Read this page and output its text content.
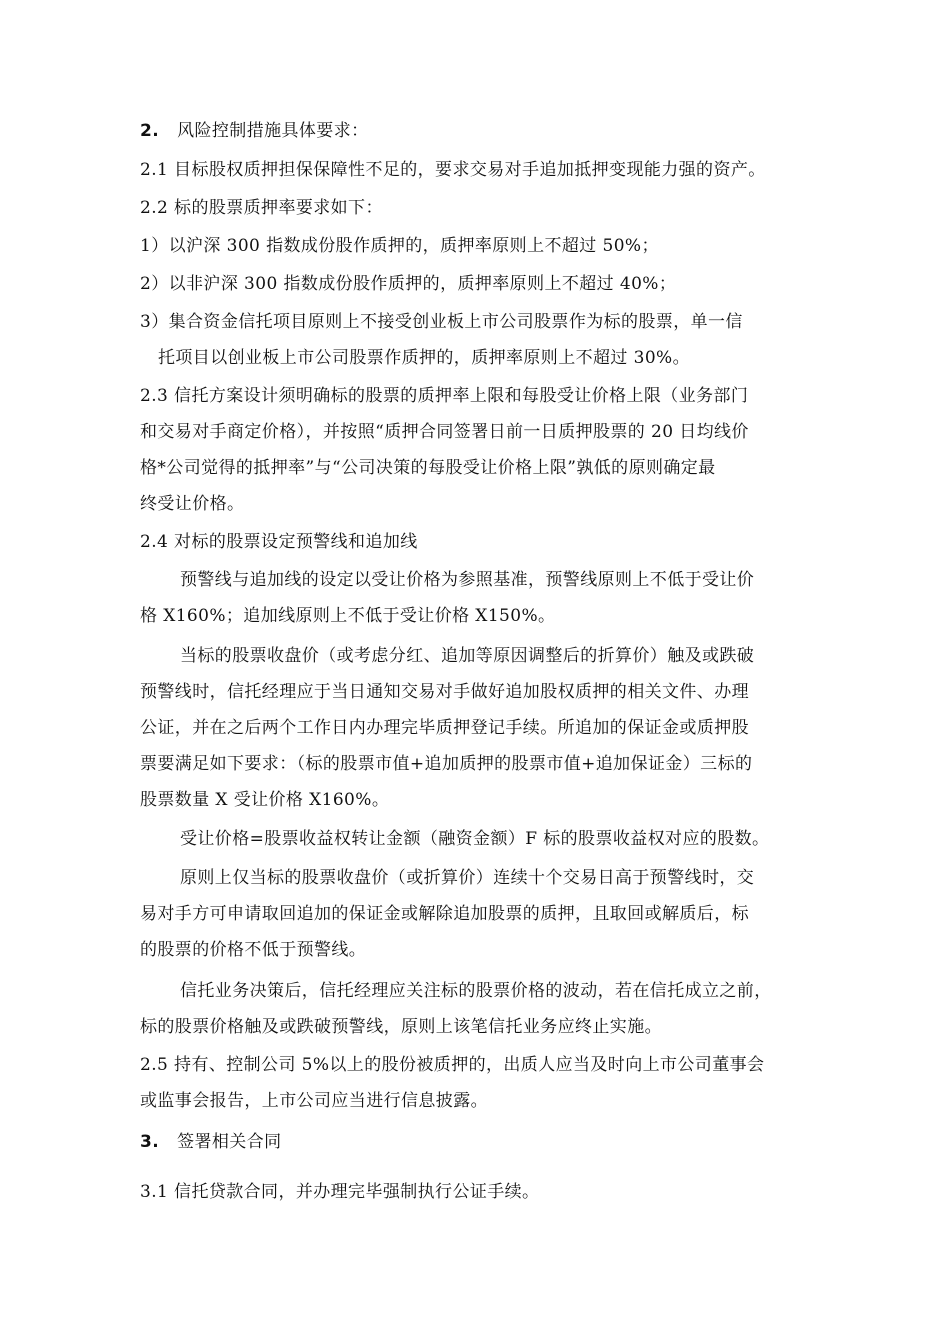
2. 风险控制措施具体要求：
2.1 目标股权质押担保保障性不足的，要求交易对手追加抵押变现能力强的资产。
2.2 标的股票质押率要求如下：
1）以沪深 300 指数成份股作质押的，质押率原则上不超过 50%；
2）以非沪深 300 指数成份股作质押的，质押率原则上不超过 40%；
3）集合资金信托项目原则上不接受创业板上市公司股票作为标的股票，单一信
托项目以创业板上市公司股票作质押的，质押率原则上不超过 30%。
2.3 信托方案设计须明确标的股票的质押率上限和每股受让价格上限（业务部门
和交易对手商定价格），并按照“质押合同签署日前一日质押股票的 20 日均线价
格*公司觉得的抵押率”与“公司决策的每股受让价格上限”孰低的原则确定最
终受让价格。
2.4 对标的股票设定预警线和追加线
预警线与追加线的设定以受让价格为参照基准，预警线原则上不低于受让价
格 X160%；追加线原则上不低于受让价格 X150%。
当标的股票收盘价（或考虑分红、追加等原因调整后的折算价）触及或跌破
预警线时，信托经理应于当日通知交易对手做好追加股权质押的相关文件、办理
公证，并在之后两个工作日内办理完毕质押登记手续。所追加的保证金或质押股
票要满足如下要求：（标的股票市值+追加质押的股票市值+追加保证金）三标的
股票数量 X 受让价格 X160%。
受让价格=股票收益权转让金额（融资金额）F 标的股票收益权对应的股数。
原则上仅当标的股票收盘价（或折算价）连续十个交易日高于预警线时，交
易对手方可申请取回追加的保证金或解除追加股票的质押，且取回或解质后，标
的股票的价格不低于预警线。
信托业务决策后，信托经理应关注标的股票价格的波动，若在信托成立之前，
标的股票价格触及或跌破预警线，原则上该笔信托业务应终止实施。
2.5 持有、控制公司 5%以上的股份被质押的，出质人应当及时向上市公司董事会
或监事会报告，上市公司应当进行信息披露。
3. 签署相关合同
3.1 信托贷款合同，并办理完毕强制执行公证手续。
